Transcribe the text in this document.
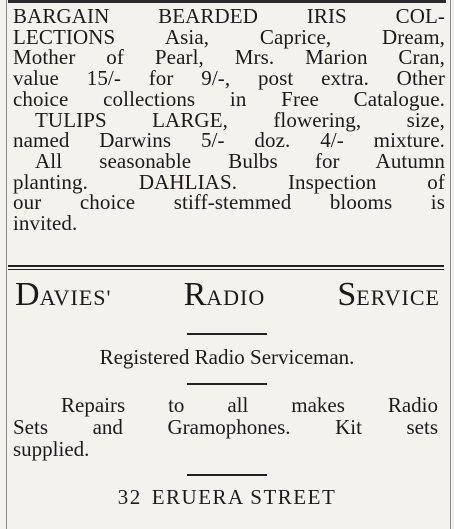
BARGAIN BEARDED IRIS COL-
LECTIONS Asia, Caprice, Dream,
Mother of Pearl, Mrs. Marion Cran,
value 15/- for 9/-, post extra. Other
choice collections in Free Catalogue.
TULIPS LARGE, flowering, size,
named Darwins 5/- doz. 4/- mixture.
All seasonable Bulbs for Autumn
planting. DAHLIAS. Inspection of
our choice stiff-stemmed blooms is
invited.
DAVIES' RADIO SERVICE
Registered Radio Serviceman.
Repairs to all makes Radio
Sets and Gramophones. Kit sets
supplied.
32 ERUERA STREET
